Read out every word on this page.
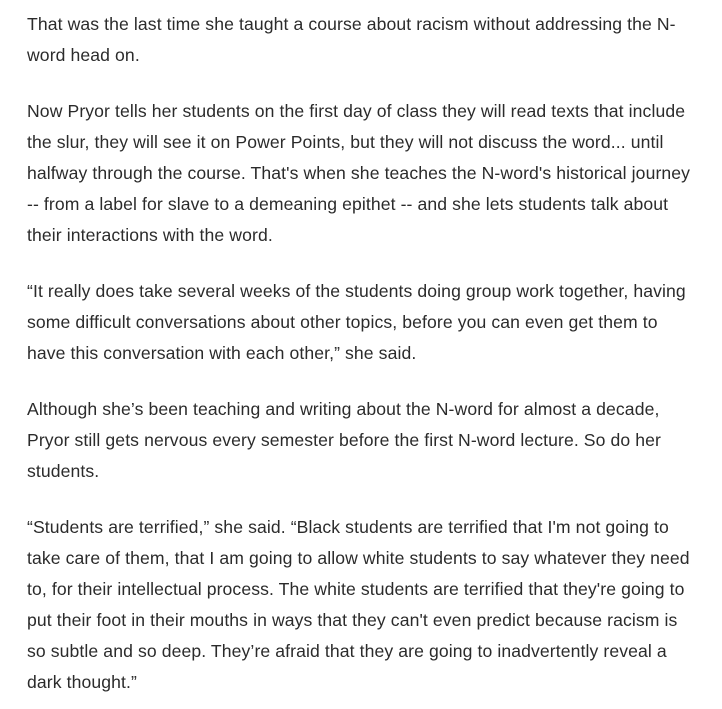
That was the last time she taught a course about racism without addressing the N-word head on.

Now Pryor tells her students on the first day of class they will read texts that include the slur, they will see it on Power Points, but they will not discuss the word... until halfway through the course. That's when she teaches the N-word's historical journey -- from a label for slave to a demeaning epithet -- and she lets students talk about their interactions with the word.

“It really does take several weeks of the students doing group work together, having some difficult conversations about other topics, before you can even get them to have this conversation with each other,” she said.

Although she’s been teaching and writing about the N-word for almost a decade, Pryor still gets nervous every semester before the first N-word lecture. So do her students.

“Students are terrified,” she said. “Black students are terrified that I'm not going to take care of them, that I am going to allow white students to say whatever they need to, for their intellectual process. The white students are terrified that they're going to put their foot in their mouths in ways that they can't even predict because racism is so subtle and so deep. They’re afraid that they are going to inadvertently reveal a dark thought.”
